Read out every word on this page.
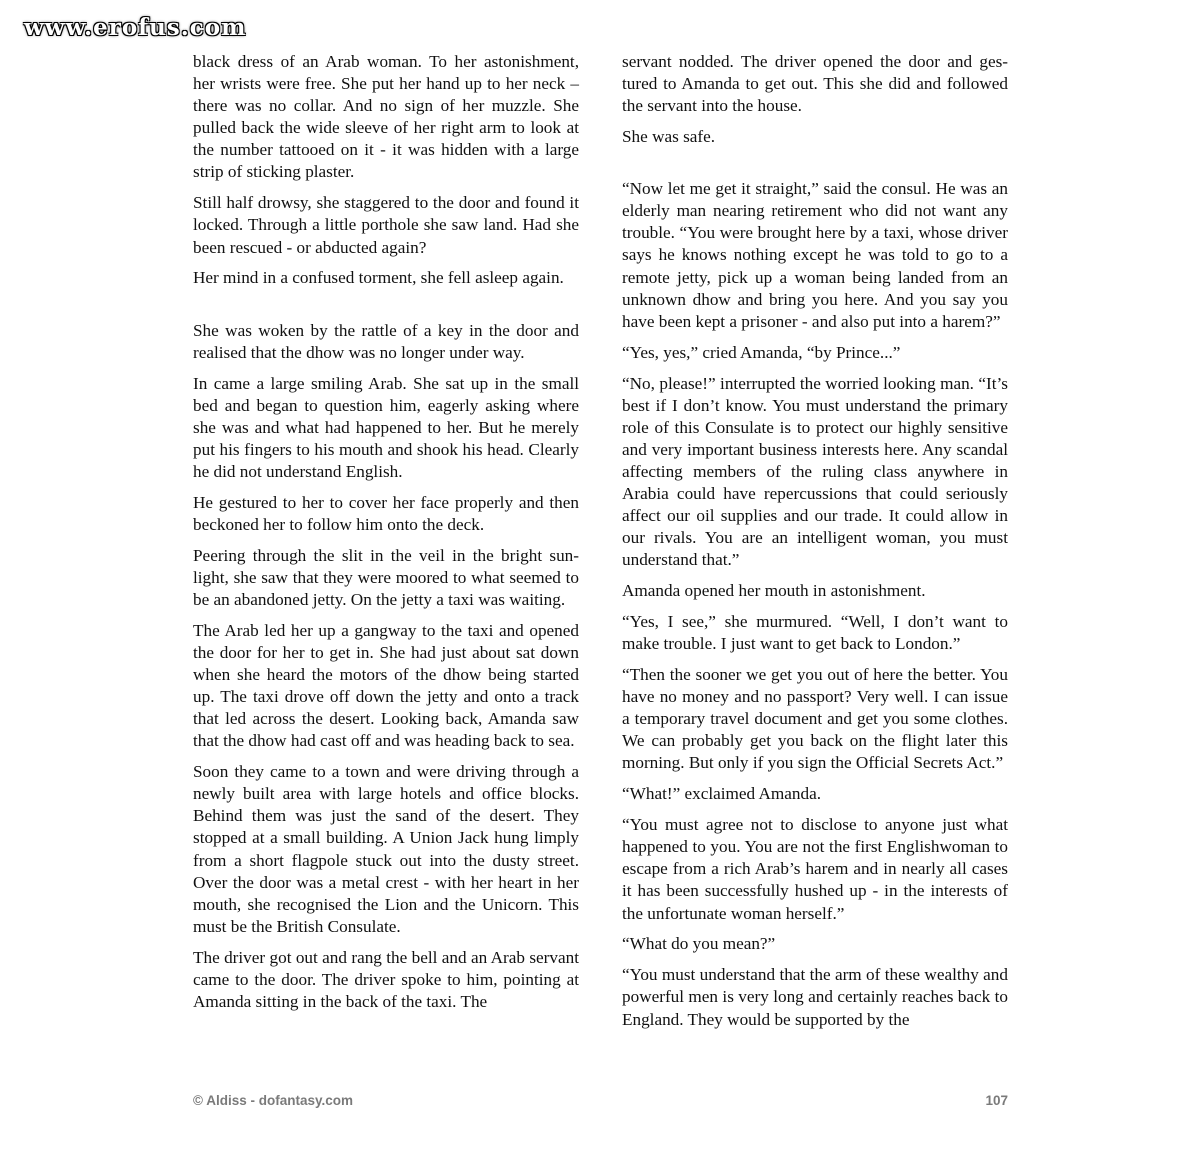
www.erofus.com

black dress of an Arab woman. To her astonishment, her wrists were free. She put her hand up to her neck – there was no collar. And no sign of her muzzle. She pulled back the wide sleeve of her right arm to look at the number tattooed on it - it was hidden with a large strip of sticking plaster.

Still half drowsy, she staggered to the door and found it locked. Through a little porthole she saw land. Had she been rescued - or abducted again?

Her mind in a confused torment, she fell asleep again.

She was woken by the rattle of a key in the door and realised that the dhow was no longer under way.

In came a large smiling Arab. She sat up in the small bed and began to question him, eagerly asking where she was and what had happened to her. But he merely put his fingers to his mouth and shook his head. Clearly he did not understand English.

He gestured to her to cover her face properly and then beckoned her to follow him onto the deck.

Peering through the slit in the veil in the bright sunlight, she saw that they were moored to what seemed to be an abandoned jetty. On the jetty a taxi was waiting.

The Arab led her up a gangway to the taxi and opened the door for her to get in. She had just about sat down when she heard the motors of the dhow being started up. The taxi drove off down the jetty and onto a track that led across the desert. Looking back, Amanda saw that the dhow had cast off and was heading back to sea.

Soon they came to a town and were driving through a newly built area with large hotels and office blocks. Behind them was just the sand of the desert. They stopped at a small building. A Union Jack hung limply from a short flagpole stuck out into the dusty street. Over the door was a metal crest - with her heart in her mouth, she recognised the Lion and the Unicorn. This must be the British Consulate.

The driver got out and rang the bell and an Arab servant came to the door. The driver spoke to him, pointing at Amanda sitting in the back of the taxi. The

servant nodded. The driver opened the door and gestured to Amanda to get out. This she did and followed the servant into the house.

She was safe.

“Now let me get it straight,” said the consul. He was an elderly man nearing retirement who did not want any trouble. “You were brought here by a taxi, whose driver says he knows nothing except he was told to go to a remote jetty, pick up a woman being landed from an unknown dhow and bring you here. And you say you have been kept a prisoner - and also put into a harem?”

“Yes, yes,” cried Amanda, “by Prince...”

“No, please!” interrupted the worried looking man. “It’s best if I don’t know. You must understand the primary role of this Consulate is to protect our highly sensitive and very important business interests here. Any scandal affecting members of the ruling class anywhere in Arabia could have repercussions that could seriously affect our oil supplies and our trade. It could allow in our rivals. You are an intelligent woman, you must understand that.”

Amanda opened her mouth in astonishment.

“Yes, I see,” she murmured. “Well, I don’t want to make trouble. I just want to get back to London.”

“Then the sooner we get you out of here the better. You have no money and no passport? Very well. I can issue a temporary travel document and get you some clothes. We can probably get you back on the flight later this morning. But only if you sign the Official Secrets Act.”

“What!” exclaimed Amanda.

“You must agree not to disclose to anyone just what happened to you. You are not the first Englishwoman to escape from a rich Arab’s harem and in nearly all cases it has been successfully hushed up - in the interests of the unfortunate woman herself.”

“What do you mean?”

“You must understand that the arm of these wealthy and powerful men is very long and certainly reaches back to England. They would be supported by the

© Aldiss - dofantasy.com	107
